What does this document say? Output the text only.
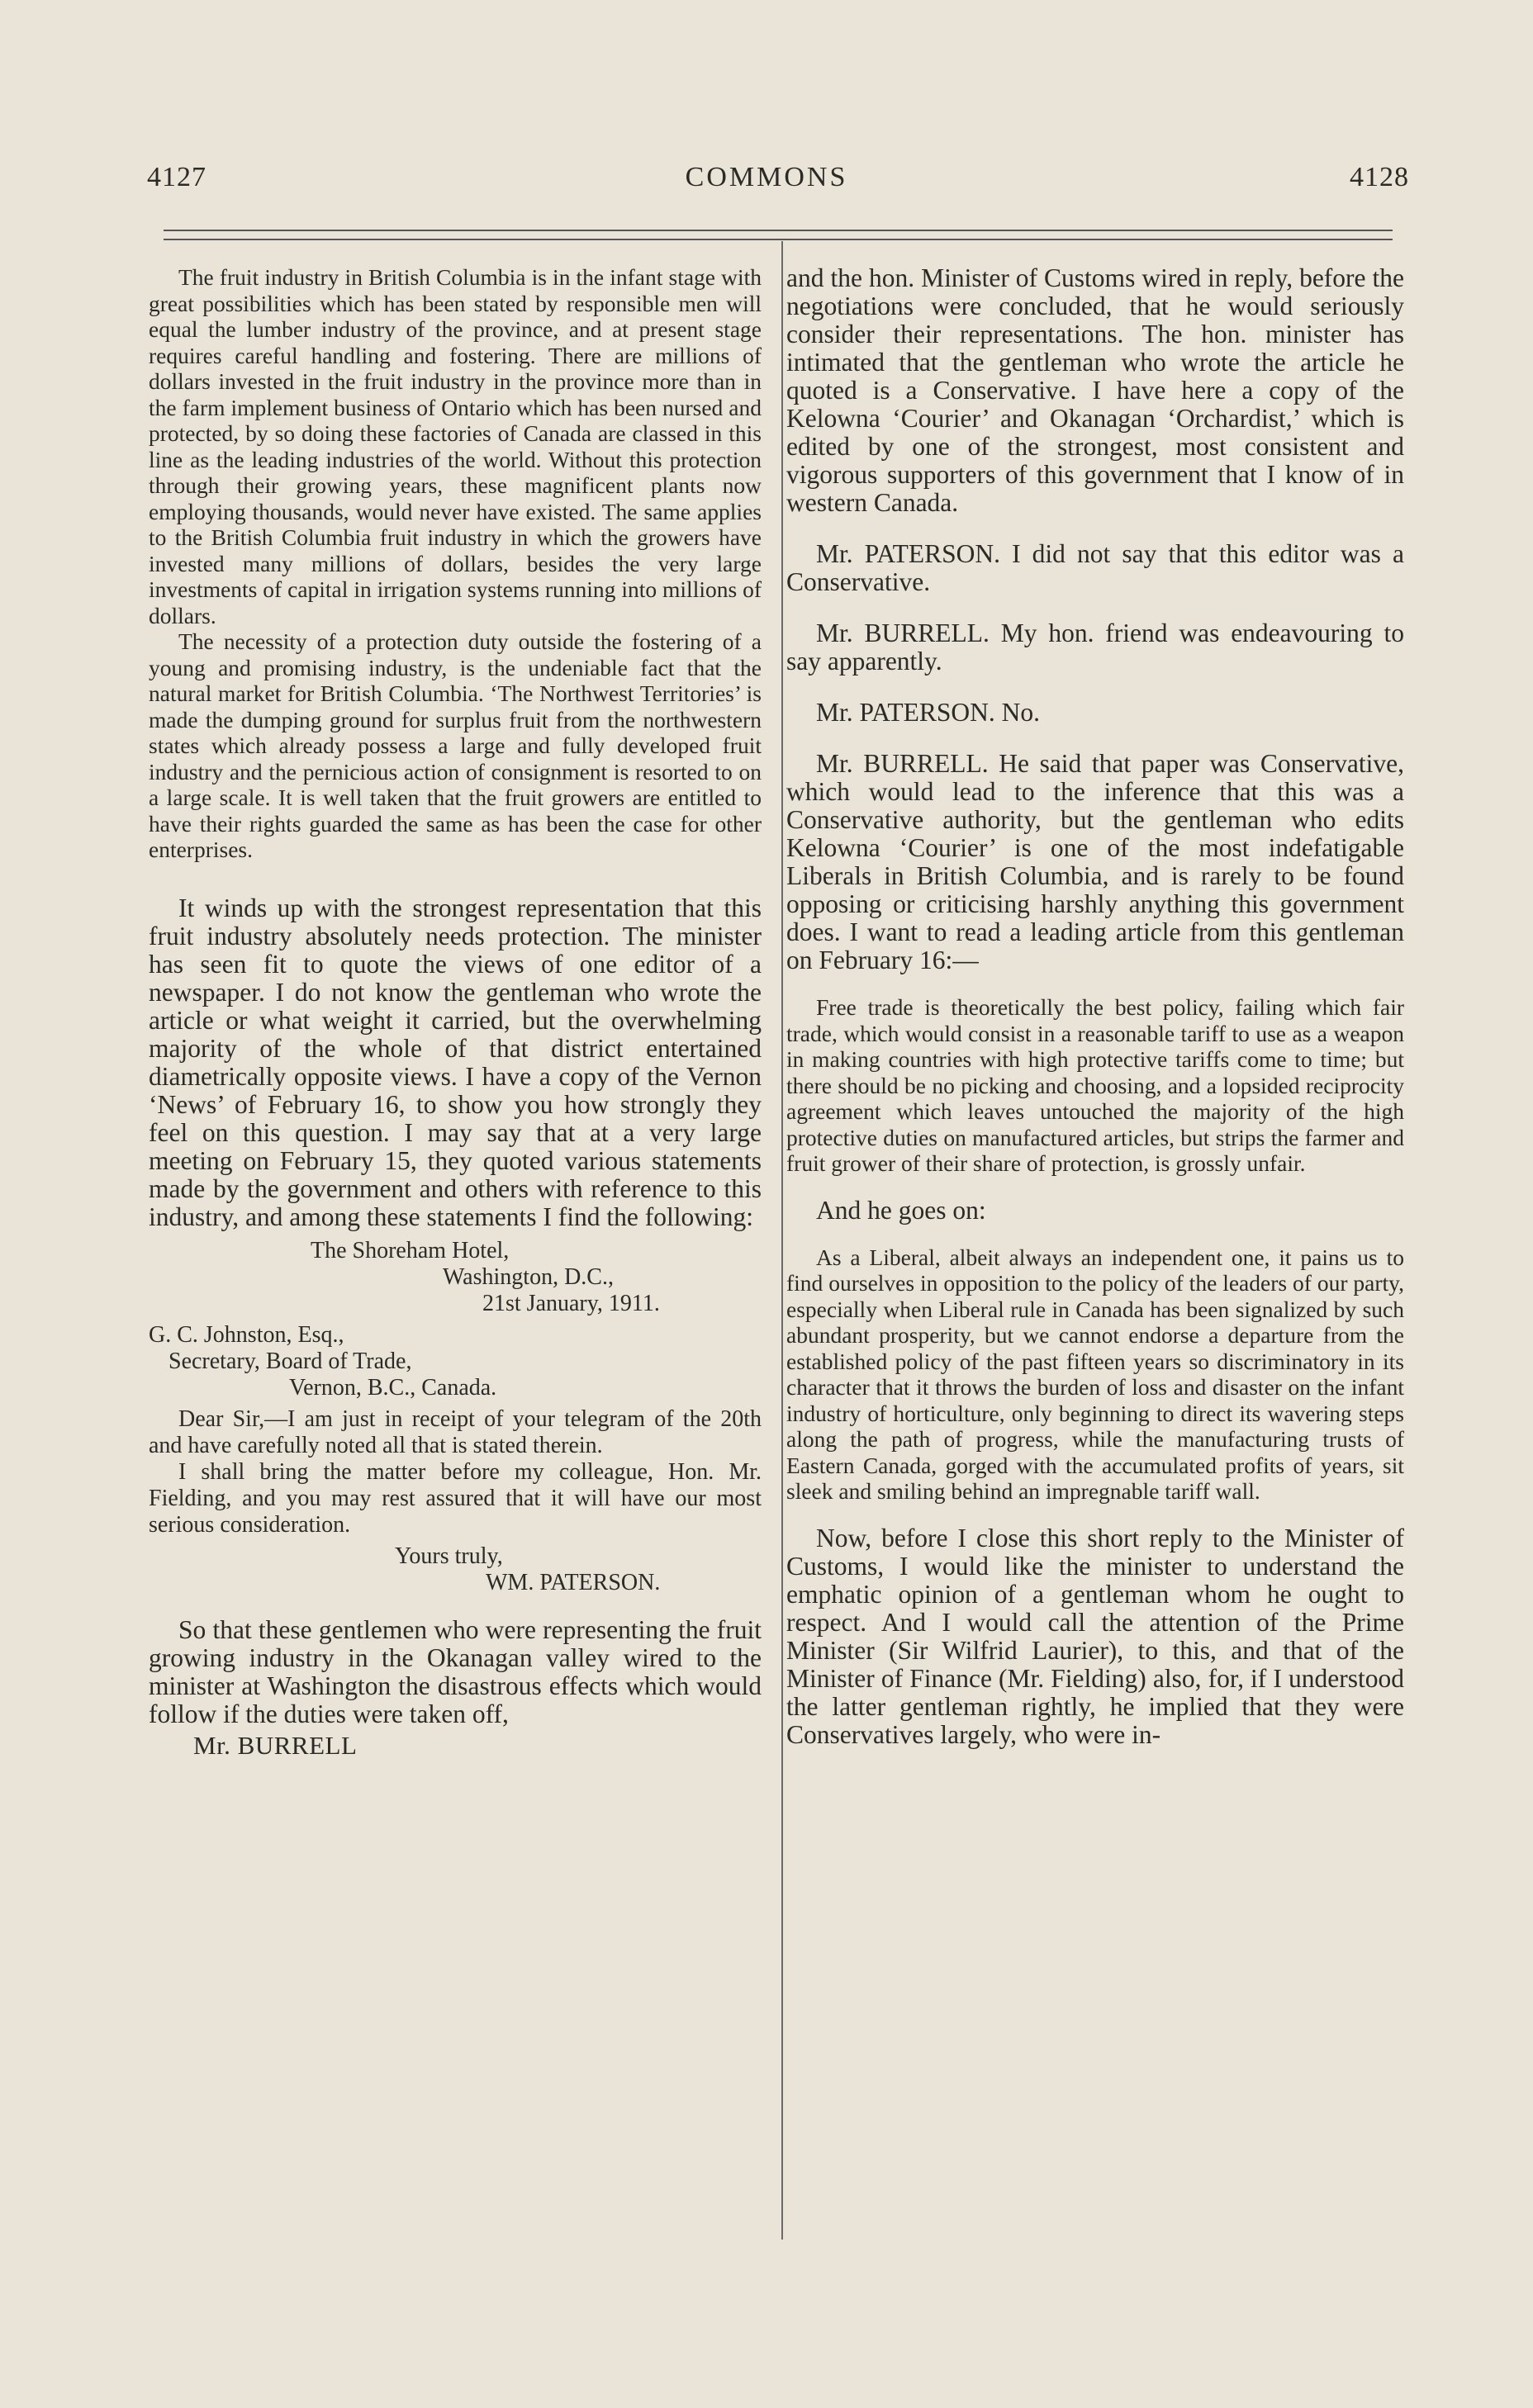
4127	COMMONS	4128

The fruit industry in British Columbia is in the infant stage with great possibilities which has been stated by responsible men will equal the lumber industry of the province, and at present stage requires careful handling and fostering. There are millions of dollars invested in the fruit industry in the province more than in the farm implement business of Ontario which has been nursed and protected, by so doing these factories of Canada are classed in this line as the leading industries of the world. Without this protection through their growing years, these magnificent plants now employing thousands, would never have existed. The same applies to the British Columbia fruit industry in which the growers have invested many millions of dollars, besides the very large investments of capital in irrigation systems running into millions of dollars.

The necessity of a protection duty outside the fostering of a young and promising industry, is the undeniable fact that the natural market for British Columbia. ‘The Northwest Territories’ is made the dumping ground for surplus fruit from the northwestern states which already possess a large and fully developed fruit industry and the pernicious action of consignment is resorted to on a large scale. It is well taken that the fruit growers are entitled to have their rights guarded the same as has been the case for other enterprises.

It winds up with the strongest representation that this fruit industry absolutely needs protection. The minister has seen fit to quote the views of one editor of a newspaper. I do not know the gentleman who wrote the article or what weight it carried, but the overwhelming majority of the whole of that district entertained diametrically opposite views. I have a copy of the Vernon ‘News’ of February 16, to show you how strongly they feel on this question. I may say that at a very large meeting on February 15, they quoted various statements made by the government and others with reference to this industry, and among these statements I find the following:

The Shoreham Hotel,
Washington, D.C.,
21st January, 1911.
G. C. Johnston, Esq.,
Secretary, Board of Trade,
Vernon, B.C., Canada.

Dear Sir,—I am just in receipt of your telegram of the 20th and have carefully noted all that is stated therein.

I shall bring the matter before my colleague, Hon. Mr. Fielding, and you may rest assured that it will have our most serious consideration.

Yours truly,
WM. PATERSON.

So that these gentlemen who were representing the fruit growing industry in the Okanagan valley wired to the minister at Washington the disastrous effects which would follow if the duties were taken off,

Mr. BURRELL

and the hon. Minister of Customs wired in reply, before the negotiations were concluded, that he would seriously consider their representations. The hon. minister has intimated that the gentleman who wrote the article he quoted is a Conservative. I have here a copy of the Kelowna ‘Courier’ and Okanagan ‘Orchardist,’ which is edited by one of the strongest, most consistent and vigorous supporters of this government that I know of in western Canada.

Mr. PATERSON. I did not say that this editor was a Conservative.

Mr. BURRELL. My hon. friend was endeavouring to say apparently.

Mr. PATERSON. No.

Mr. BURRELL. He said that paper was Conservative, which would lead to the inference that this was a Conservative authority, but the gentleman who edits Kelowna ‘Courier’ is one of the most indefatigable Liberals in British Columbia, and is rarely to be found opposing or criticising harshly anything this government does. I want to read a leading article from this gentleman on February 16:—

Free trade is theoretically the best policy, failing which fair trade, which would consist in a reasonable tariff to use as a weapon in making countries with high protective tariffs come to time; but there should be no picking and choosing, and a lopsided reciprocity agreement which leaves untouched the majority of the high protective duties on manufactured articles, but strips the farmer and fruit grower of their share of protection, is grossly unfair.

And he goes on:

As a Liberal, albeit always an independent one, it pains us to find ourselves in opposition to the policy of the leaders of our party, especially when Liberal rule in Canada has been signalized by such abundant prosperity, but we cannot endorse a departure from the established policy of the past fifteen years so discriminatory in its character that it throws the burden of loss and disaster on the infant industry of horticulture, only beginning to direct its wavering steps along the path of progress, while the manufacturing trusts of Eastern Canada, gorged with the accumulated profits of years, sit sleek and smiling behind an impregnable tariff wall.

Now, before I close this short reply to the Minister of Customs, I would like the minister to understand the emphatic opinion of a gentleman whom he ought to respect. And I would call the attention of the Prime Minister (Sir Wilfrid Laurier), to this, and that of the Minister of Finance (Mr. Fielding) also, for, if I understood the latter gentleman rightly, he implied that they were Conservatives largely, who were in-
